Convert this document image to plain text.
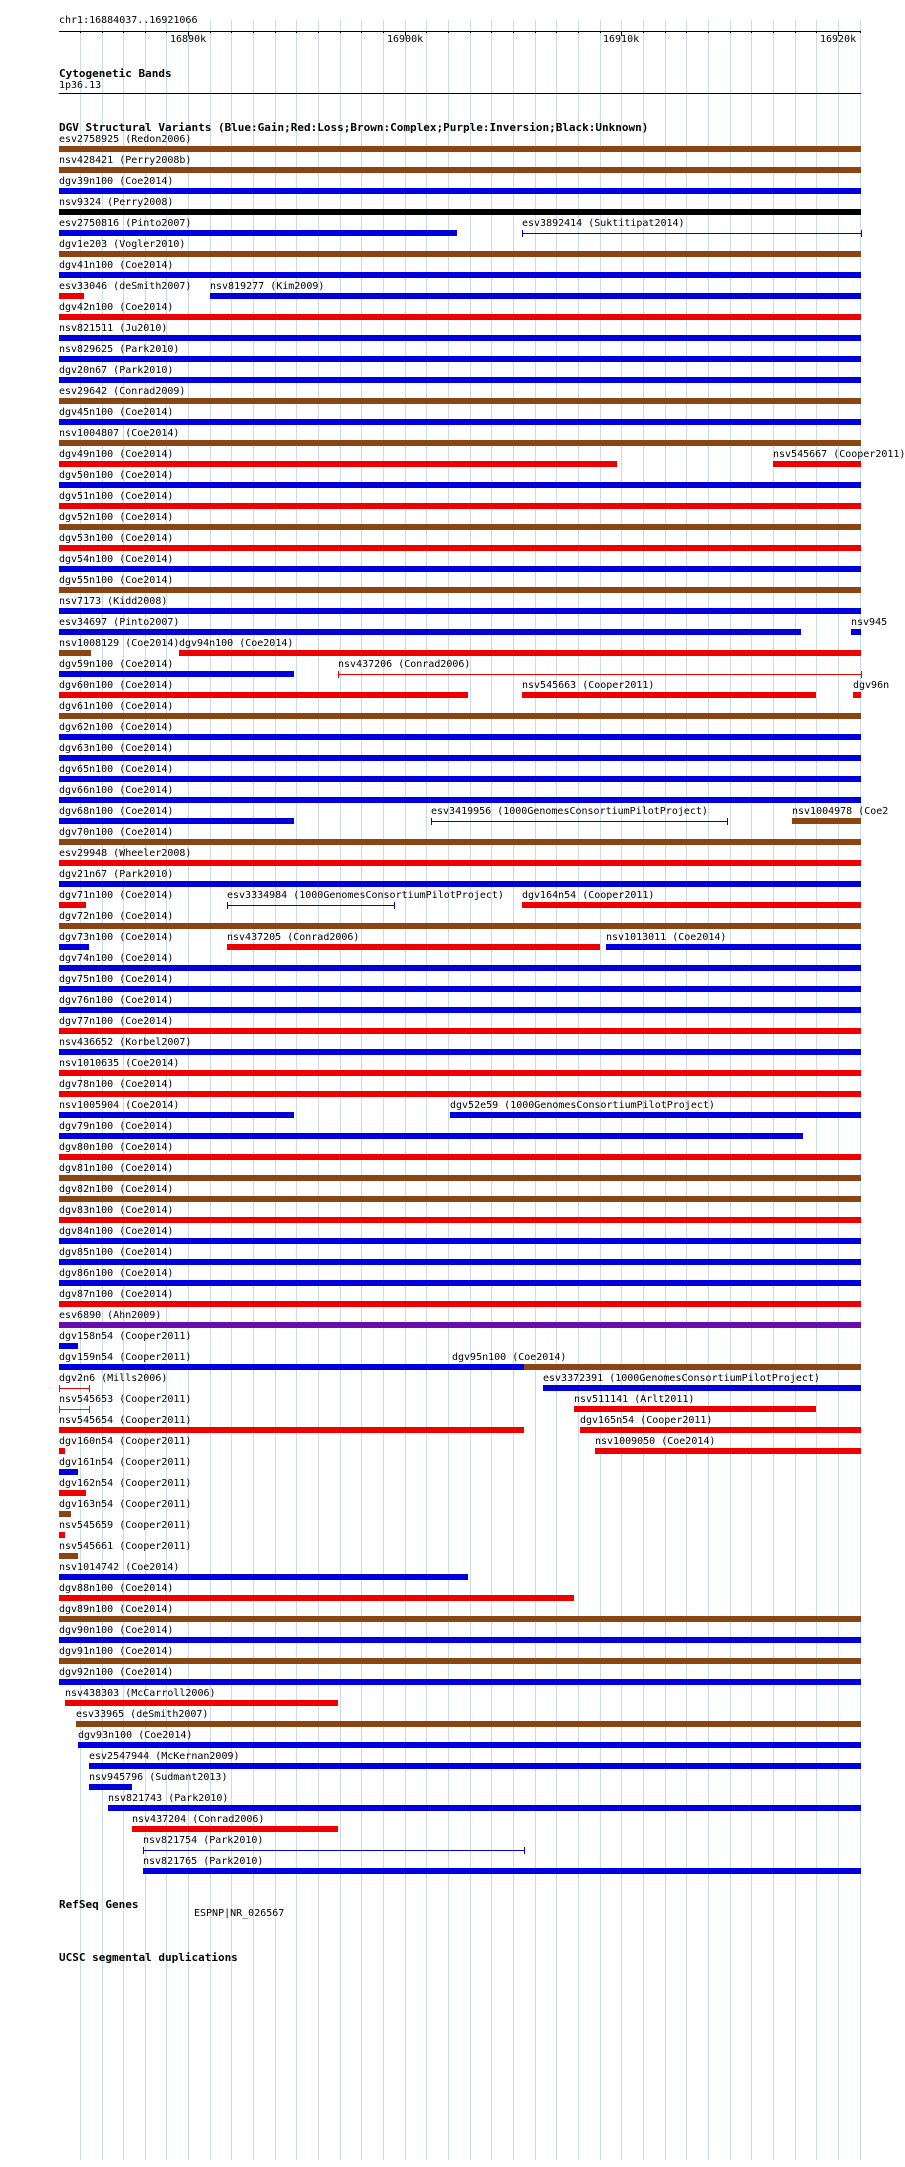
chr1:16884037..16921066
16890k	16900k	16910k	16920k
Cytogenetic Bands
1p36.13
DGV Structural Variants (Blue:Gain;Red:Loss;Brown:Complex;Purple:Inversion;Black:Unknown)
esv2758925 (Redon2006)
nsv428421 (Perry2008b)
dgv39n100 (Coe2014)
nsv9324 (Perry2008)
esv2750816 (Pinto2007)	esv3892414 (Suktitipat2014)
dgv1e203 (Vogler2010)
dgv41n100 (Coe2014)
esv33046 (deSmith2007) nsv819277 (Kim2009)
dgv42n100 (Coe2014)
nsv821511 (Ju2010)
nsv829625 (Park2010)
dgv20n67 (Park2010)
esv29642 (Conrad2009)
dgv45n100 (Coe2014)
nsv1004807 (Coe2014)
dgv49n100 (Coe2014)	nsv545667 (Cooper2011)
dgv50n100 (Coe2014)
dgv51n100 (Coe2014)
dgv52n100 (Coe2014)
dgv53n100 (Coe2014)
dgv54n100 (Coe2014)
dgv55n100 (Coe2014)
nsv7173 (Kidd2008)
esv34697 (Pinto2007)	nsv945
nsv1008129 (Coe2014) dgv94n100 (Coe2014)
dgv59n100 (Coe2014)	nsv437206 (Conrad2006)
dgv60n100 (Coe2014)	nsv545663 (Cooper2011)	dgv96n
dgv61n100 (Coe2014)
dgv62n100 (Coe2014)
dgv63n100 (Coe2014)
dgv65n100 (Coe2014)
dgv66n100 (Coe2014)
dgv68n100 (Coe2014)	esv3419956 (1000GenomesConsortiumPilotProject)	nsv1004978 (Coe2
dgv70n100 (Coe2014)
esv29948 (Wheeler2008)
dgv21n67 (Park2010)
dgv71n100 (Coe2014)	esv3334984 (1000GenomesConsortiumPilotProject) dgv164n54 (Cooper2011)
dgv72n100 (Coe2014)
dgv73n100 (Coe2014)	nsv437205 (Conrad2006)	nsv1013011 (Coe2014)
dgv74n100 (Coe2014)
dgv75n100 (Coe2014)
dgv76n100 (Coe2014)
dgv77n100 (Coe2014)
nsv436652 (Korbel2007)
nsv1010635 (Coe2014)
dgv78n100 (Coe2014)
nsv1005904 (Coe2014)	dgv52e59 (1000GenomesConsortiumPilotProject)
dgv79n100 (Coe2014)
dgv80n100 (Coe2014)
dgv81n100 (Coe2014)
dgv82n100 (Coe2014)
dgv83n100 (Coe2014)
dgv84n100 (Coe2014)
dgv85n100 (Coe2014)
dgv86n100 (Coe2014)
dgv87n100 (Coe2014)
esv6890 (Ahn2009)
dgv158n54 (Cooper2011)
dgv95n100 (Coe2014)
dgv159n54 (Cooper2011)
esv3372391 (1000GenomesConsortiumPilotProject)
dgv2n6 (Mills2006)
nsv511141 (Arlt2011)
nsv545653 (Cooper2011)
dgv165n54 (Cooper2011)
nsv545654 (Cooper2011)
nsv1009050 (Coe2014)
dgv160n54 (Cooper2011)
dgv161n54 (Cooper2011)
dgv162n54 (Cooper2011)
dgv163n54 (Cooper2011)
nsv545659 (Cooper2011)
nsv545661 (Cooper2011)
nsv1014742 (Coe2014)
dgv88n100 (Coe2014)
dgv89n100 (Coe2014)
dgv90n100 (Coe2014)
dgv91n100 (Coe2014)
dgv92n100 (Coe2014)
nsv438303 (McCarroll2006)
esv33965 (deSmith2007)
dgv93n100 (Coe2014)
esv2547944 (McKernan2009)
nsv945796 (Sudmant2013)
nsv821743 (Park2010)
nsv437204 (Conrad2006)
nsv821754 (Park2010)
nsv821765 (Park2010)
RefSeq Genes
ESPNP|NR_026567
UCSC segmental duplications
